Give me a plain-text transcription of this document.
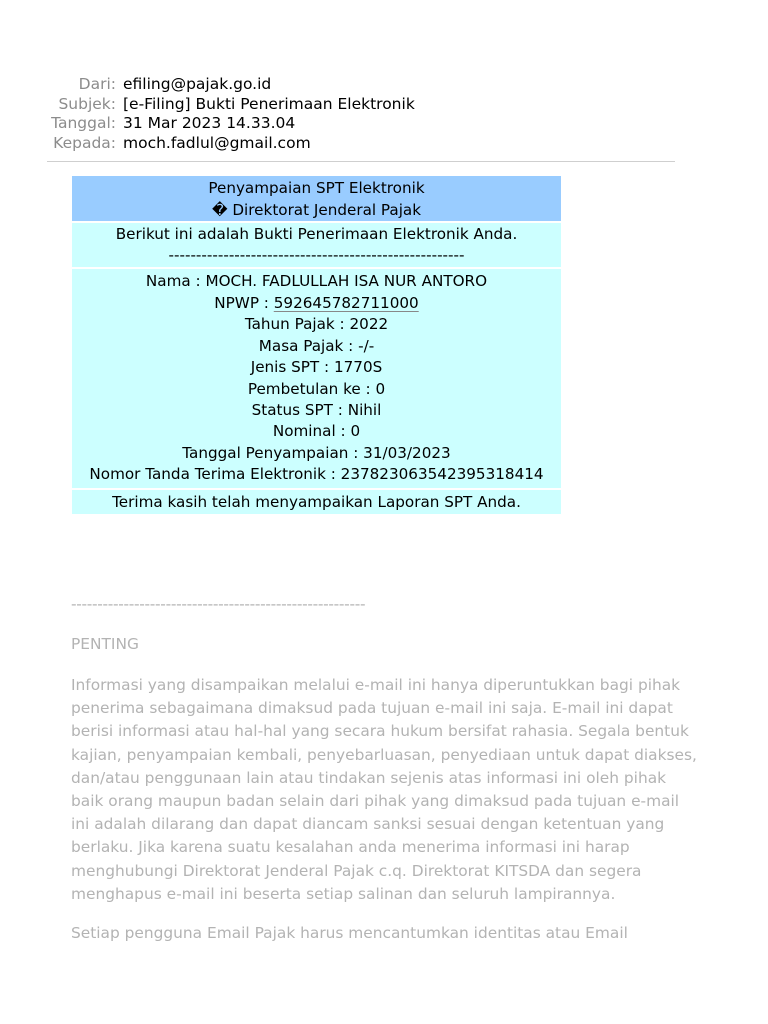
Dari: efiling@pajak.go.id
Subjek: [e-Filing] Bukti Penerimaan Elektronik
Tanggal: 31 Mar 2023 14.33.04
Kepada: moch.fadlul@gmail.com
Penyampaian SPT Elektronik
� Direktorat Jenderal Pajak

Berikut ini adalah Bukti Penerimaan Elektronik Anda.
------------------------------------------------------

Nama : MOCH. FADLULLAH ISA NUR ANTORO
NPWP : 592645782711000
Tahun Pajak : 2022
Masa Pajak : -/-
Jenis SPT : 1770S
Pembetulan ke : 0
Status SPT : Nihil
Nominal : 0
Tanggal Penyampaian : 31/03/2023
Nomor Tanda Terima Elektronik : 237823063542395318414

Terima kasih telah menyampaikan Laporan SPT Anda.
--------------------------------------------------------
PENTING
Informasi yang disampaikan melalui e-mail ini hanya diperuntukkan bagi pihak penerima sebagaimana dimaksud pada tujuan e-mail ini saja. E-mail ini dapat berisi informasi atau hal-hal yang secara hukum bersifat rahasia. Segala bentuk kajian, penyampaian kembali, penyebarluasan, penyediaan untuk dapat diakses, dan/atau penggunaan lain atau tindakan sejenis atas informasi ini oleh pihak baik orang maupun badan selain dari pihak yang dimaksud pada tujuan e-mail ini adalah dilarang dan dapat diancam sanksi sesuai dengan ketentuan yang berlaku. Jika karena suatu kesalahan anda menerima informasi ini harap menghubungi Direktorat Jenderal Pajak c.q. Direktorat KITSDA dan segera menghapus e-mail ini beserta setiap salinan dan seluruh lampirannya.
Setiap pengguna Email Pajak harus mencantumkan identitas atau Email
